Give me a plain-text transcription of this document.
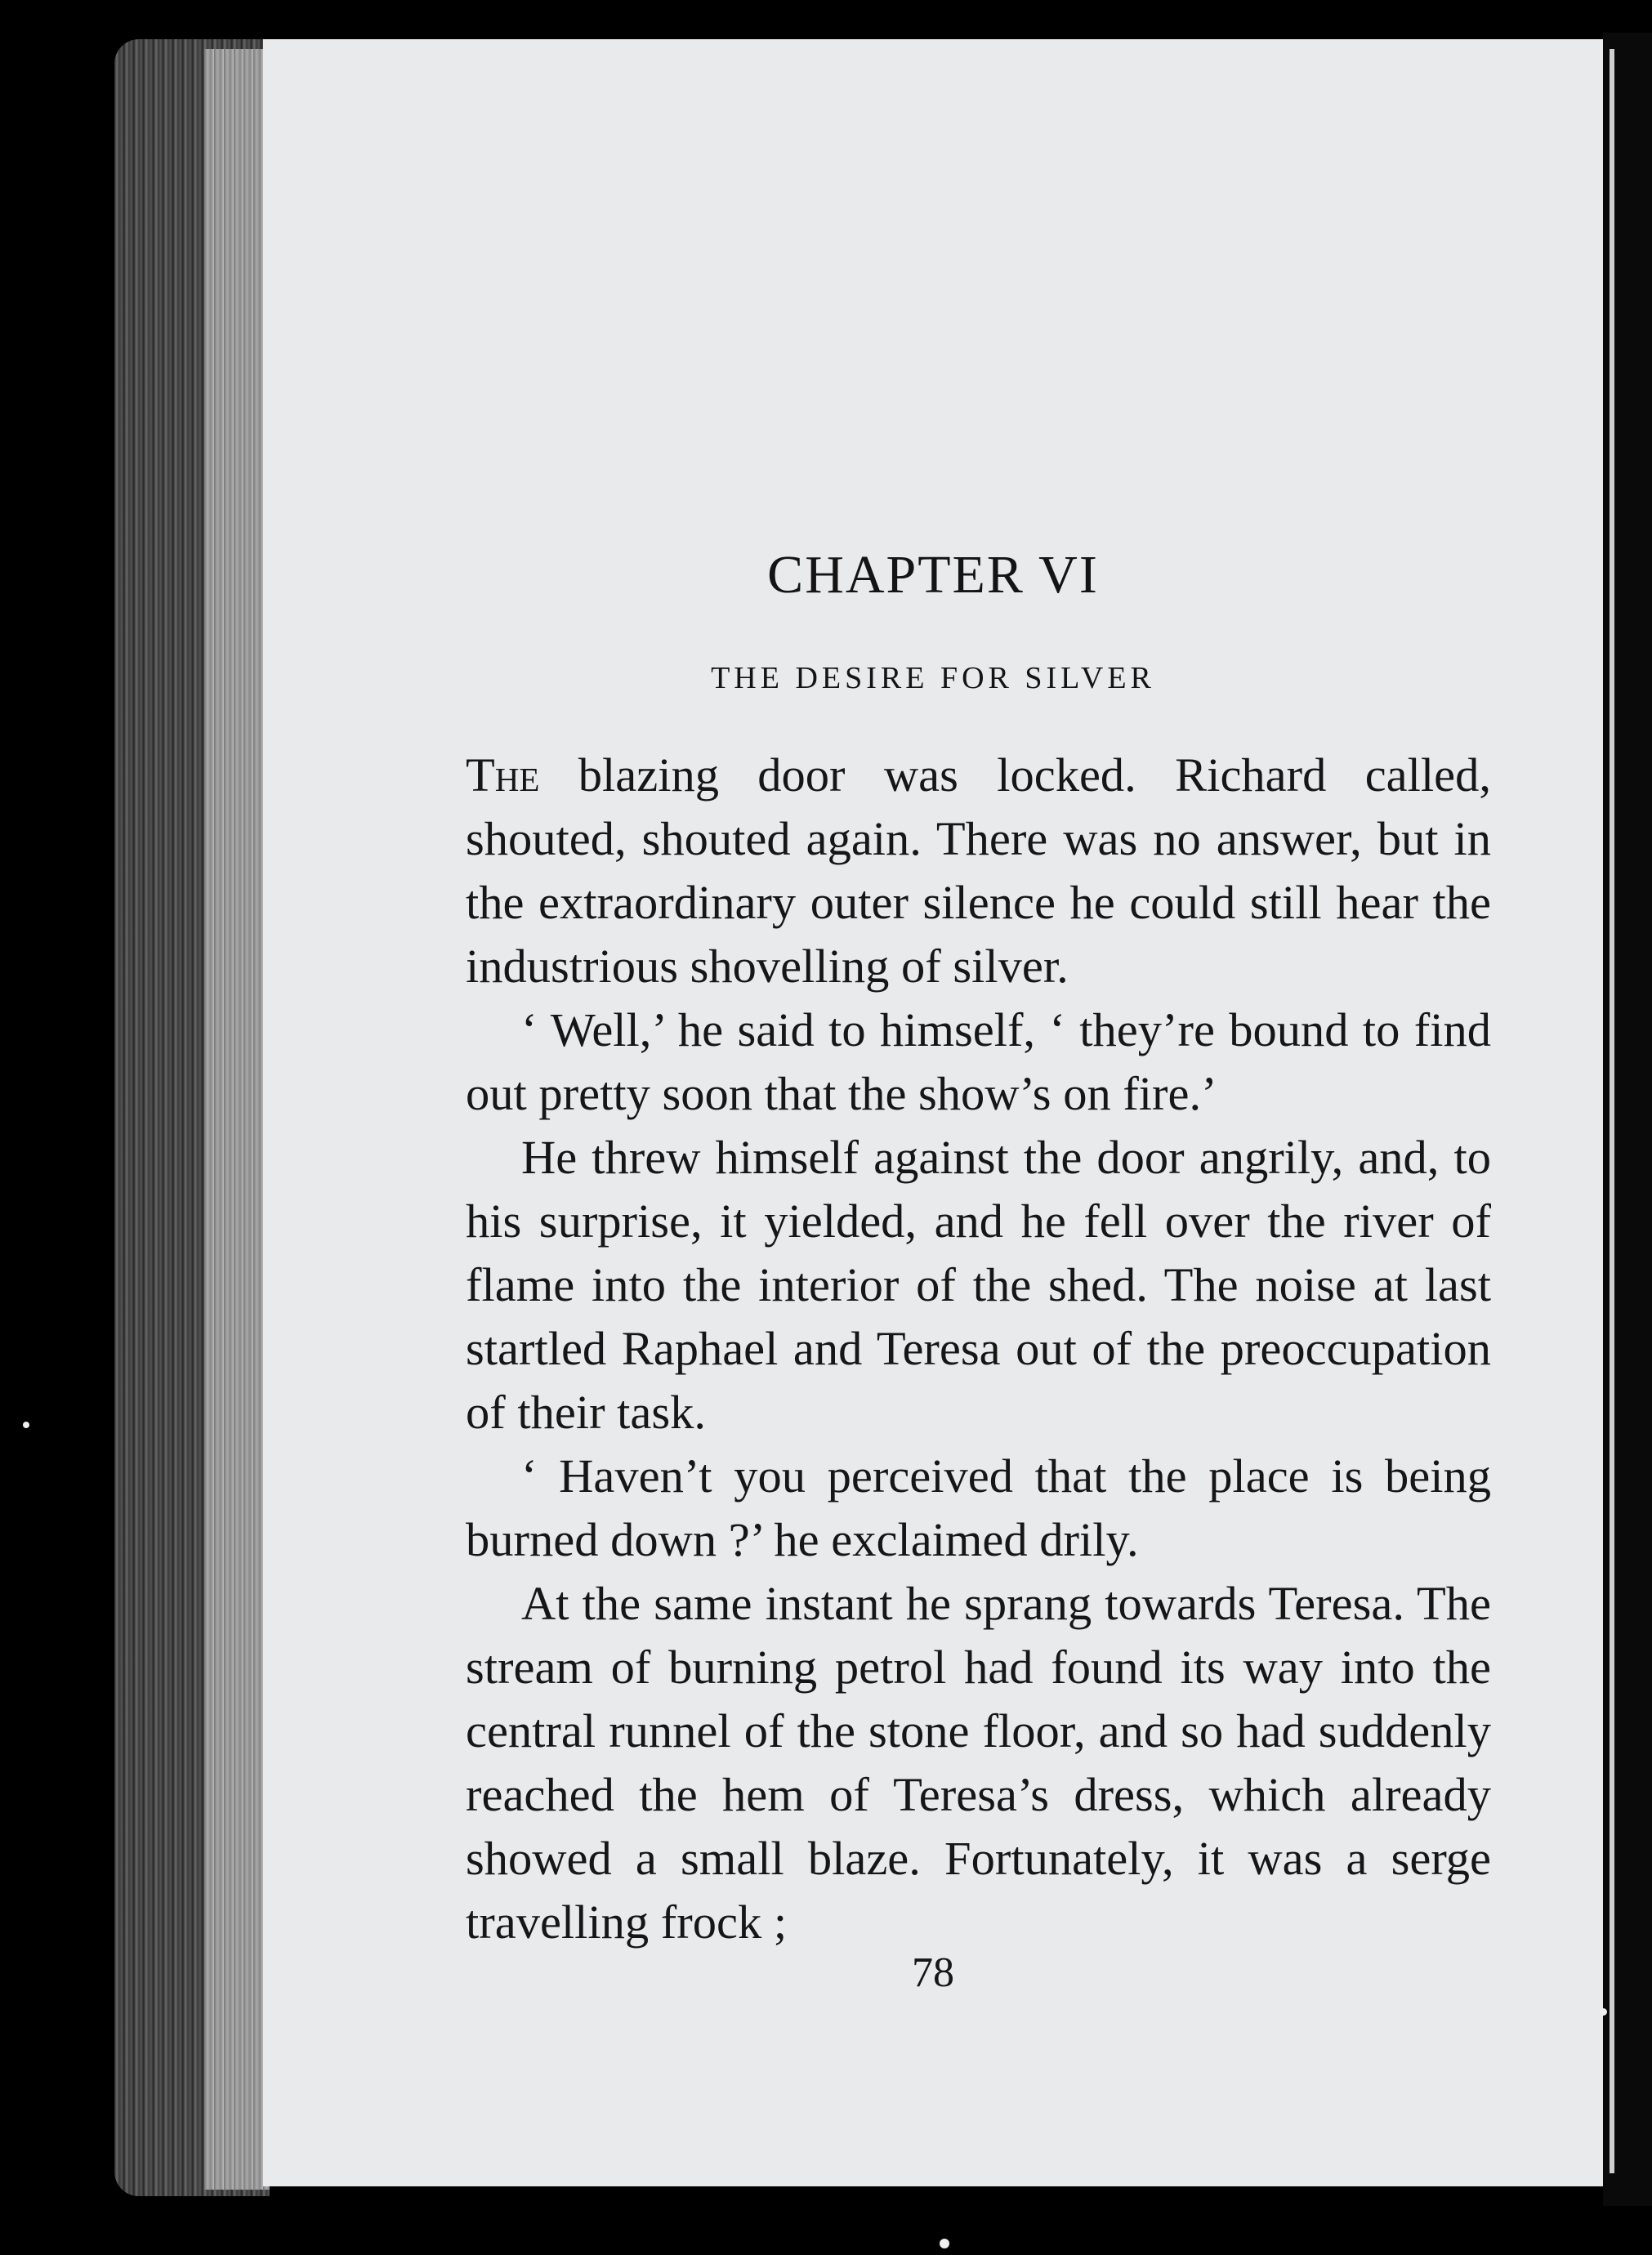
CHAPTER VI
THE DESIRE FOR SILVER

The blazing door was locked. Richard called, shouted, shouted again. There was no answer, but in the extraordinary outer silence he could still hear the industrious shovelling of silver.

‘ Well,’ he said to himself, ‘ they’re bound to find out pretty soon that the show’s on fire.’

He threw himself against the door angrily, and, to his surprise, it yielded, and he fell over the river of flame into the interior of the shed. The noise at last startled Raphael and Teresa out of the preoccupation of their task.

‘ Haven’t you perceived that the place is being burned down ?’ he exclaimed drily.

At the same instant he sprang towards Teresa. The stream of burning petrol had found its way into the central runnel of the stone floor, and so had suddenly reached the hem of Teresa’s dress, which already showed a small blaze. Fortunately, it was a serge travelling frock ;

78
